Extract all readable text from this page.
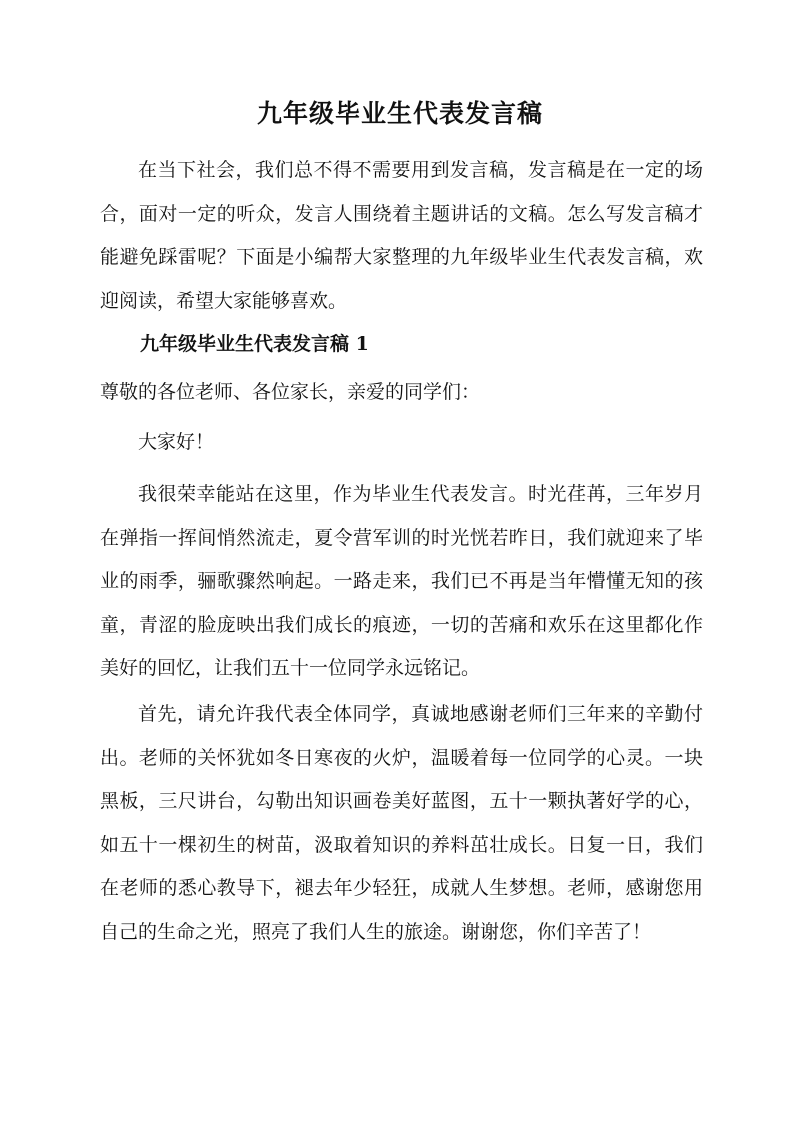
九年级毕业生代表发言稿

在当下社会，我们总不得不需要用到发言稿，发言稿是在一定的场合，面对一定的听众，发言人围绕着主题讲话的文稿。怎么写发言稿才能避免踩雷呢？下面是小编帮大家整理的九年级毕业生代表发言稿，欢迎阅读，希望大家能够喜欢。

九年级毕业生代表发言稿 1

尊敬的各位老师、各位家长，亲爱的同学们：

大家好！

我很荣幸能站在这里，作为毕业生代表发言。时光荏苒，三年岁月在弹指一挥间悄然流走，夏令营军训的时光恍若昨日，我们就迎来了毕业的雨季，骊歌骤然响起。一路走来，我们已不再是当年懵懂无知的孩童，青涩的脸庞映出我们成长的痕迹，一切的苦痛和欢乐在这里都化作美好的回忆，让我们五十一位同学永远铭记。

首先，请允许我代表全体同学，真诚地感谢老师们三年来的辛勤付出。老师的关怀犹如冬日寒夜的火炉，温暖着每一位同学的心灵。一块黑板，三尺讲台，勾勒出知识画卷美好蓝图，五十一颗执著好学的心，如五十一棵初生的树苗，汲取着知识的养料茁壮成长。日复一日，我们在老师的悉心教导下，褪去年少轻狂，成就人生梦想。老师，感谢您用自己的生命之光，照亮了我们人生的旅途。谢谢您，你们辛苦了！
